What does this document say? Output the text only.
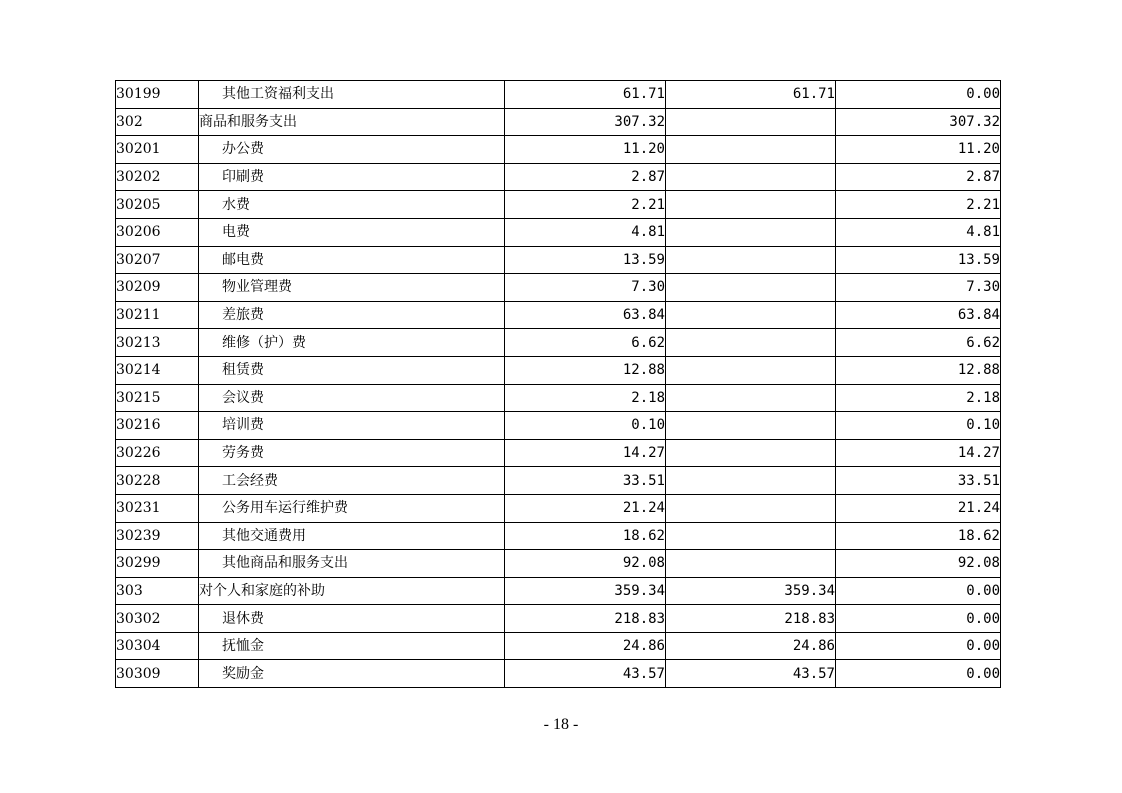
30199	其他工资福利支出	61.71	61.71	0.00
302	商品和服务支出	307.32		307.32
30201	办公费	11.20		11.20
30202	印刷费	2.87		2.87
30205	水费	2.21		2.21
30206	电费	4.81		4.81
30207	邮电费	13.59		13.59
30209	物业管理费	7.30		7.30
30211	差旅费	63.84		63.84
30213	维修（护）费	6.62		6.62
30214	租赁费	12.88		12.88
30215	会议费	2.18		2.18
30216	培训费	0.10		0.10
30226	劳务费	14.27		14.27
30228	工会经费	33.51		33.51
30231	公务用车运行维护费	21.24		21.24
30239	其他交通费用	18.62		18.62
30299	其他商品和服务支出	92.08		92.08
303	对个人和家庭的补助	359.34	359.34	0.00
30302	退休费	218.83	218.83	0.00
30304	抚恤金	24.86	24.86	0.00
30309	奖励金	43.57	43.57	0.00
- 18 -
